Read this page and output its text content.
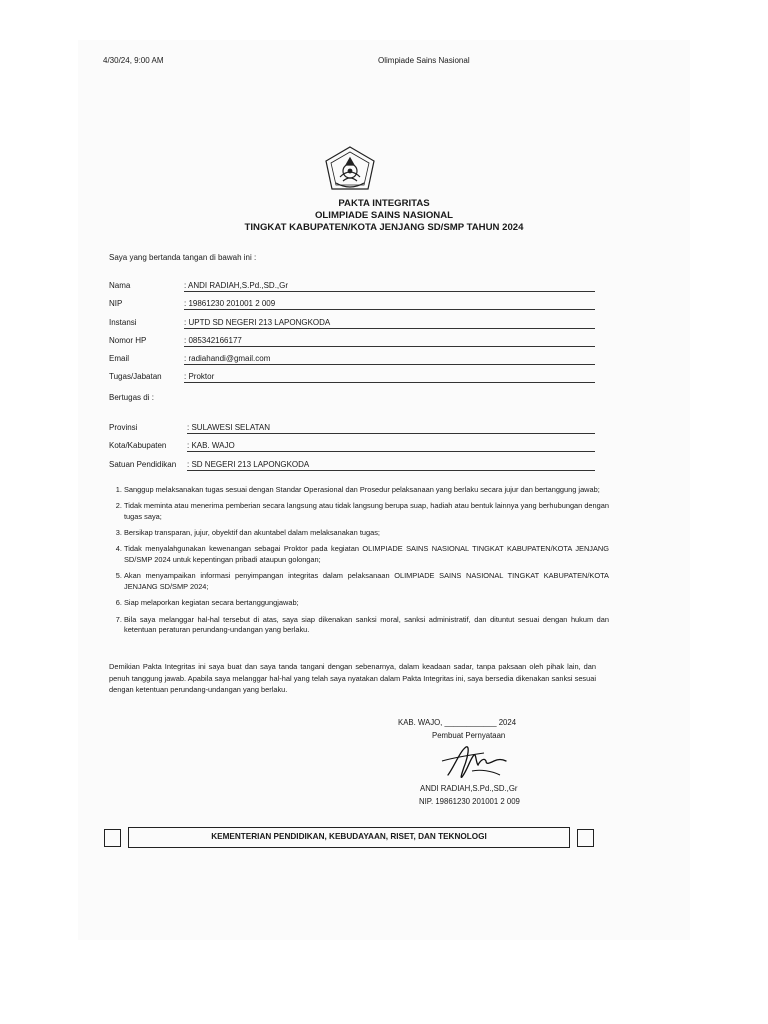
4/30/24, 9:00 AM	Olimpiade Sains Nasional
PAKTA INTEGRITAS
OLIMPIADE SAINS NASIONAL
TINGKAT KABUPATEN/KOTA JENJANG SD/SMP TAHUN 2024
Saya yang bertanda tangan di bawah ini :
Nama	: ANDI RADIAH,S.Pd.,SD.,Gr
NIP	: 19861230 201001 2 009
Instansi	: UPTD SD NEGERI 213 LAPONGKODA
Nomor HP	: 085342166177
Email	: radiahandi@gmail.com
Tugas/Jabatan	: Proktor
Bertugas di :
Provinsi	: SULAWESI SELATAN
Kota/Kabupaten	: KAB. WAJO
Satuan Pendidikan	: SD NEGERI 213 LAPONGKODA
1. Sanggup melaksanakan tugas sesuai dengan Standar Operasional dan Prosedur pelaksanaan yang berlaku secara jujur dan bertanggung jawab;
2. Tidak meminta atau menerima pemberian secara langsung atau tidak langsung berupa suap, hadiah atau bentuk lainnya yang berhubungan dengan tugas saya;
3. Bersikap transparan, jujur, obyektif dan akuntabel dalam melaksanakan tugas;
4. Tidak menyalahgunakan kewenangan sebagai Proktor pada kegiatan OLIMPIADE SAINS NASIONAL TINGKAT KABUPATEN/KOTA JENJANG SD/SMP 2024 untuk kepentingan pribadi ataupun golongan;
5. Akan menyampaikan informasi penyimpangan integritas dalam pelaksanaan OLIMPIADE SAINS NASIONAL TINGKAT KABUPATEN/KOTA JENJANG SD/SMP 2024;
6. Siap melaporkan kegiatan secara bertanggungjawab;
7. Bila saya melanggar hal-hal tersebut di atas, saya siap dikenakan sanksi moral, sanksi administratif, dan dituntut sesuai dengan hukum dan ketentuan peraturan perundang-undangan yang berlaku.
Demikian Pakta Integritas ini saya buat dan saya tanda tangani dengan sebenarnya, dalam keadaan sadar, tanpa paksaan oleh pihak lain, dan penuh tanggung jawab. Apabila saya melanggar hal-hal yang telah saya nyatakan dalam Pakta Integritas ini, saya bersedia dikenakan sanksi sesuai dengan ketentuan perundang-undangan yang berlaku.
KAB. WAJO, ____________ 2024
Pembuat Pernyataan
ANDI RADIAH,S.Pd.,SD.,Gr
NIP. 19861230 201001 2 009
KEMENTERIAN PENDIDIKAN, KEBUDAYAAN, RISET, DAN TEKNOLOGI
